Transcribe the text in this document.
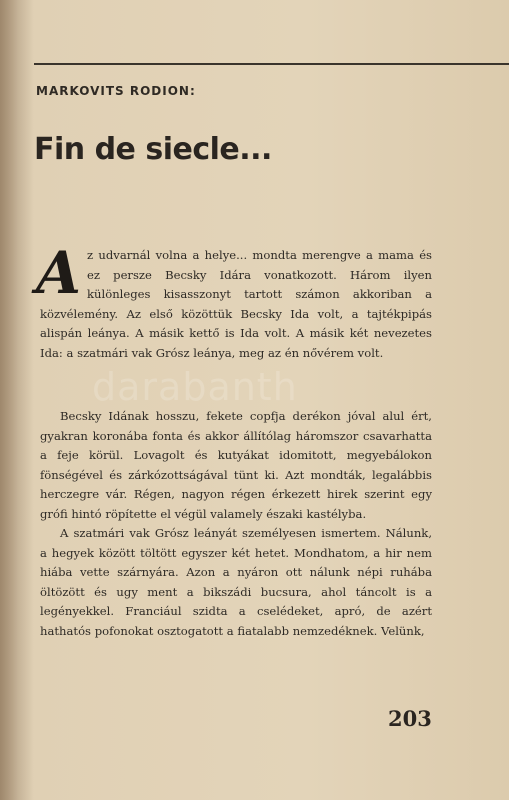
MARKOVITS RODION:
Fin de siecle...

Az udvarnál volna a helye... mondta merengve a mama és ez persze Becsky Idára vonatkozott. Három ilyen különleges kisasszonyt tartott számon akkoriban a közvélemény. Az első közöttük Becsky Ida volt, a tajtékpipás alispán leánya. A másik kettő is Ida volt. A másik két nevezetes Ida: a szatmári vak Grósz leánya, meg az én nővérem volt.

Becsky Idának hosszu, fekete copfja derékon jóval alul ért, gyakran koronába fonta és akkor állítólag háromszor csavarhatta a feje körül. Lovagolt és kutyákat idomitott, megyebálokon fönségével és zárkózottságával tünt ki. Azt mondták, legalábbis herczegre vár. Régen, nagyon régen érkezett hirek szerint egy grófi hintó röpítette el végül valamely északi kastélyba.

A szatmári vak Grósz leányát személyesen ismertem. Nálunk, a hegyek között töltött egyszer két hetet. Mondhatom, a hir nem hiába vette szárnyára. Azon a nyáron ott nálunk népi ruhába öltözött és ugy ment a bikszádi bucsura, ahol táncolt is a legényekkel. Franciául szidta a cselédeket, apró, de azért hathatós pofonokat osztogatott a fiatalabb nemzedéknek. Velünk,

darabanth
203
